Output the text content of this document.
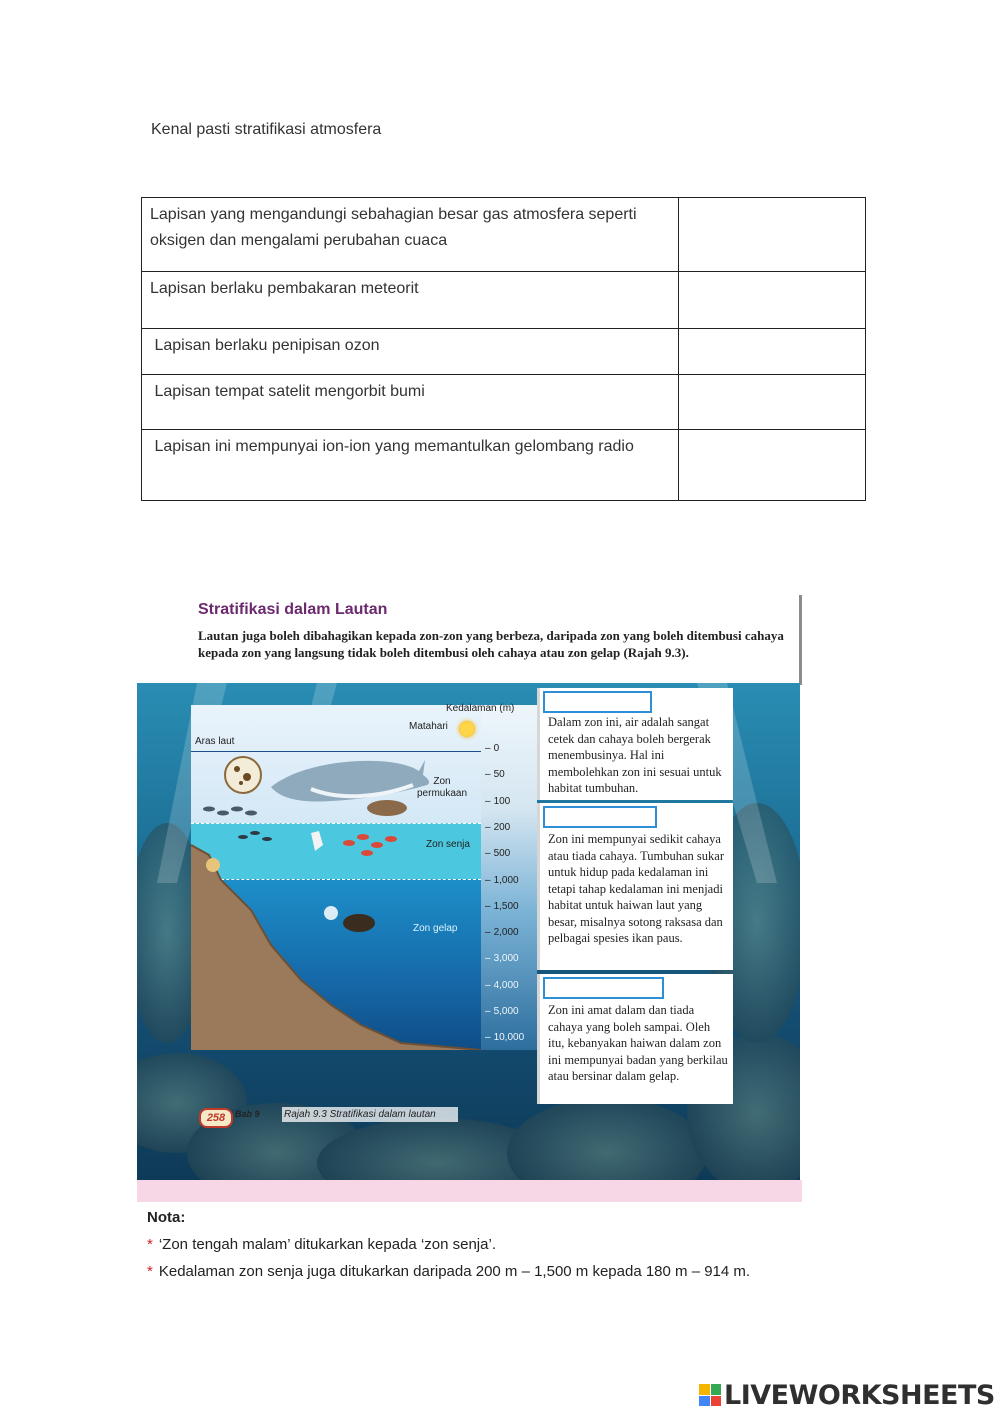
Kenal pasti stratifikasi atmosfera
Lapisan yang mengandungi sebahagian besar gas atmosfera seperti oksigen dan mengalami perubahan cuaca	

Lapisan berlaku pembakaran meteorit	

Lapisan berlaku penipisan ozon	

Lapisan tempat satelit mengorbit bumi	

Lapisan ini mempunyai ion-ion yang memantulkan gelombang radio	
Stratifikasi dalam Lautan
Lautan juga boleh dibahagikan kepada zon-zon yang berbeza, daripada zon yang boleh ditembusi cahaya kepada zon yang langsung tidak boleh ditembusi oleh cahaya atau zon gelap (Rajah 9.3).
Aras laut
Zon permukaan
Zon senja
Zon gelap
Matahari
Kedalaman (m)
– 0
– 50
– 100
– 200
– 500
– 1,000
– 1,500
– 2,000
– 3,000
– 4,000
– 5,000
– 10,000
Dalam zon ini, air adalah sangat cetek dan cahaya boleh bergerak menembusinya. Hal ini membolehkan zon ini sesuai untuk habitat tumbuhan.
Zon ini mempunyai sedikit cahaya atau tiada cahaya. Tumbuhan sukar untuk hidup pada kedalaman ini tetapi tahap kedalaman ini menjadi habitat untuk haiwan laut yang besar, misalnya sotong raksasa dan pelbagai spesies ikan paus.
Zon ini amat dalam dan tiada cahaya yang boleh sampai. Oleh itu, kebanyakan haiwan dalam zon ini mempunyai badan yang berkilau atau bersinar dalam gelap.
Rajah 9.3 Stratifikasi dalam lautan
258	Bab 9
Nota:
* ‘Zon tengah malam’ ditukarkan kepada ‘zon senja’.
* Kedalaman zon senja juga ditukarkan daripada 200 m – 1,500 m kepada 180 m – 914 m.
LIVEWORKSHEETS
